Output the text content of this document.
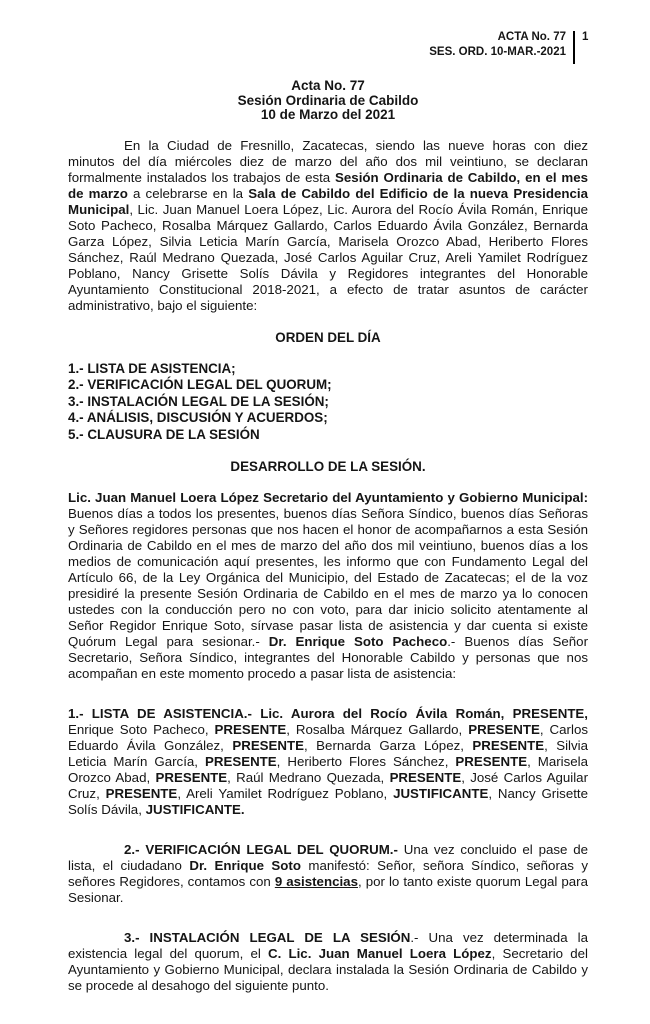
ACTA No. 77
SES. ORD. 10-MAR.-2021
1
Acta No. 77
Sesión Ordinaria de Cabildo
10 de Marzo del 2021

En la Ciudad de Fresnillo, Zacatecas, siendo las nueve horas con diez minutos del día miércoles diez de marzo del año dos mil veintiuno, se declaran formalmente instalados los trabajos de esta Sesión Ordinaria de Cabildo, en el mes de marzo a celebrarse en la Sala de Cabildo del Edificio de la nueva Presidencia Municipal, Lic. Juan Manuel Loera López, Lic. Aurora del Rocío Ávila Román, Enrique Soto Pacheco, Rosalba Márquez Gallardo, Carlos Eduardo Ávila González, Bernarda Garza López, Silvia Leticia Marín García, Marisela Orozco Abad, Heriberto Flores Sánchez, Raúl Medrano Quezada, José Carlos Aguilar Cruz, Areli Yamilet Rodríguez Poblano, Nancy Grisette Solís Dávila y Regidores integrantes del Honorable Ayuntamiento Constitucional 2018-2021, a efecto de tratar asuntos de carácter administrativo, bajo el siguiente:

ORDEN DEL DÍA
1.- LISTA DE ASISTENCIA;
2.- VERIFICACIÓN LEGAL DEL QUORUM;
3.- INSTALACIÓN LEGAL DE LA SESIÓN;
4.- ANÁLISIS, DISCUSIÓN Y ACUERDOS;
5.- CLAUSURA DE LA SESIÓN
DESARROLLO DE LA SESIÓN.

Lic. Juan Manuel Loera López Secretario del Ayuntamiento y Gobierno Municipal: Buenos días a todos los presentes, buenos días Señora Síndico, buenos días Señoras y Señores regidores personas que nos hacen el honor de acompañarnos a esta Sesión Ordinaria de Cabildo en el mes de marzo del año dos mil veintiuno, buenos días a los medios de comunicación aquí presentes, les informo que con Fundamento Legal del Artículo 66, de la Ley Orgánica del Municipio, del Estado de Zacatecas; el de la voz presidiré la presente Sesión Ordinaria de Cabildo en el mes de marzo ya lo conocen ustedes con la conducción pero no con voto, para dar inicio solicito atentamente al Señor Regidor Enrique Soto, sírvase pasar lista de asistencia y dar cuenta si existe Quórum Legal para sesionar.- Dr. Enrique Soto Pacheco.- Buenos días Señor Secretario, Señora Síndico, integrantes del Honorable Cabildo y personas que nos acompañan en este momento procedo a pasar lista de asistencia:

1.- LISTA DE ASISTENCIA.- Lic. Aurora del Rocío Ávila Román, PRESENTE, Enrique Soto Pacheco, PRESENTE, Rosalba Márquez Gallardo, PRESENTE, Carlos Eduardo Ávila González, PRESENTE, Bernarda Garza López, PRESENTE, Silvia Leticia Marín García, PRESENTE, Heriberto Flores Sánchez, PRESENTE, Marisela Orozco Abad, PRESENTE, Raúl Medrano Quezada, PRESENTE, José Carlos Aguilar Cruz, PRESENTE, Areli Yamilet Rodríguez Poblano, JUSTIFICANTE, Nancy Grisette Solís Dávila, JUSTIFICANTE.

2.- VERIFICACIÓN LEGAL DEL QUORUM.- Una vez concluido el pase de lista, el ciudadano Dr. Enrique Soto manifestó: Señor, señora Síndico, señoras y señores Regidores, contamos con 9 asistencias, por lo tanto existe quorum Legal para Sesionar.

3.- INSTALACIÓN LEGAL DE LA SESIÓN.- Una vez determinada la existencia legal del quorum, el C. Lic. Juan Manuel Loera López, Secretario del Ayuntamiento y Gobierno Municipal, declara instalada la Sesión Ordinaria de Cabildo y se procede al desahogo del siguiente punto.
